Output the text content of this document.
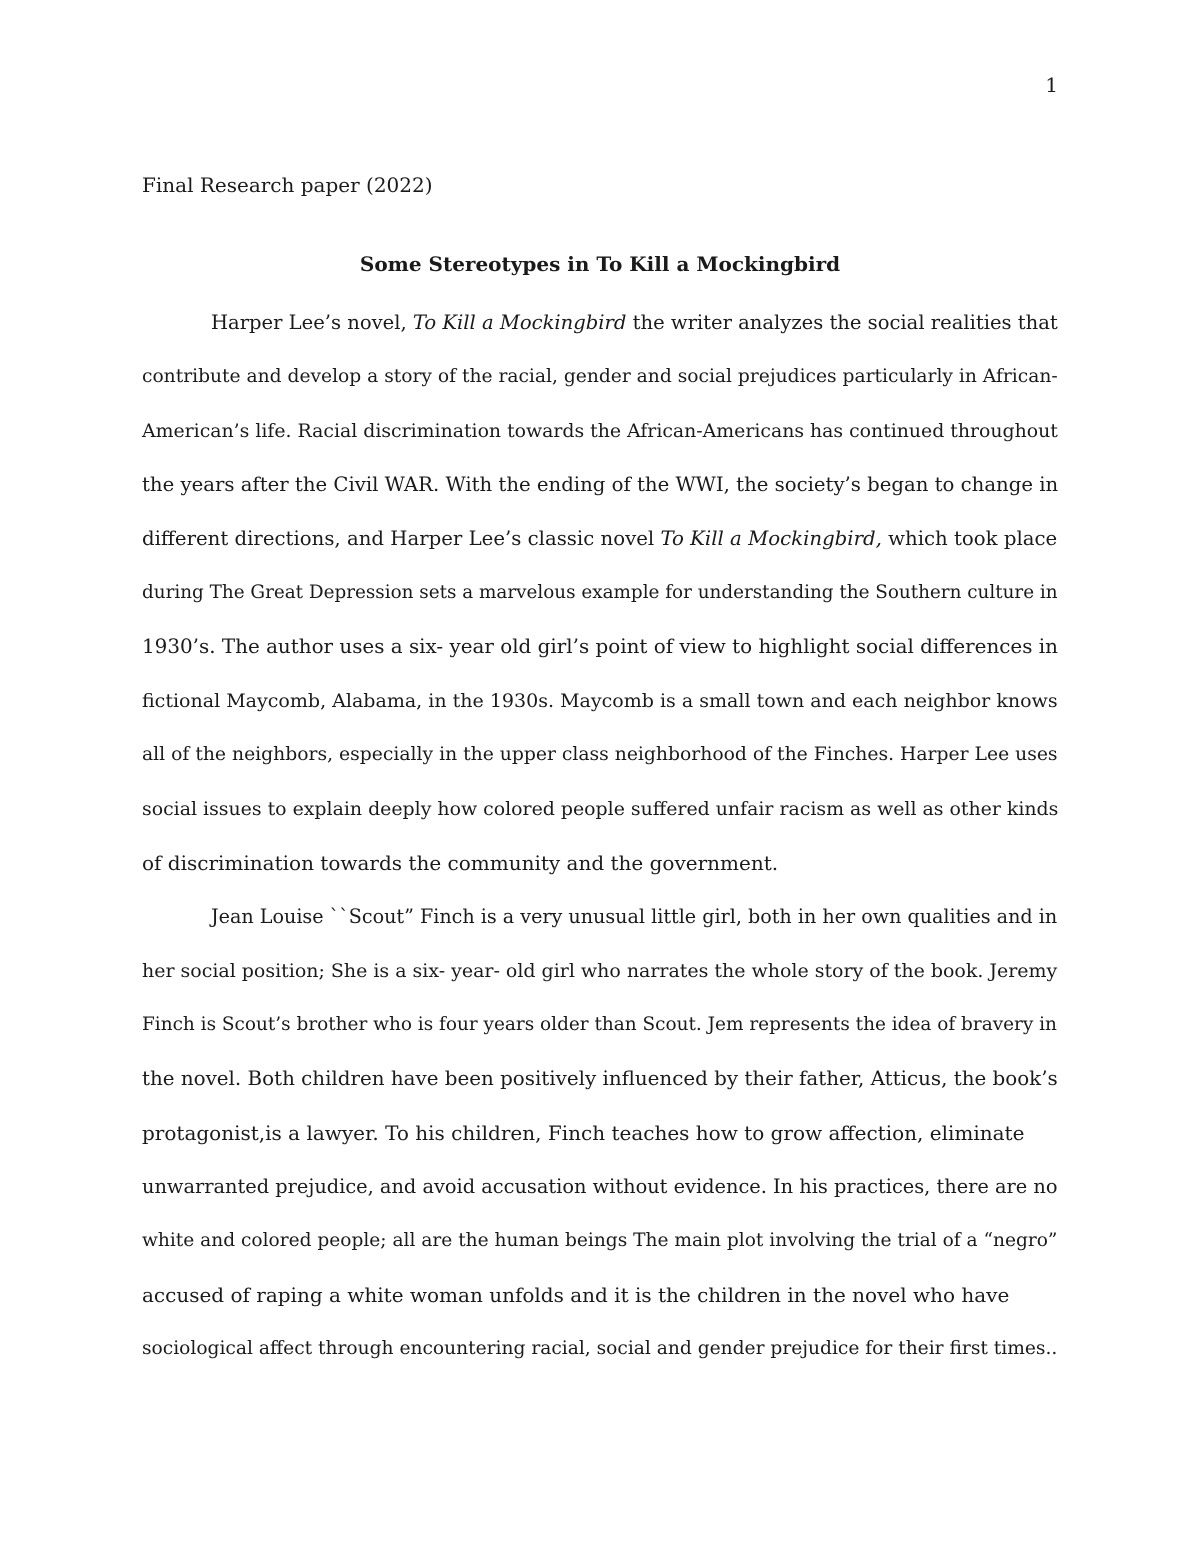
1
Final Research paper (2022)
Some Stereotypes in To Kill a Mockingbird

Harper Lee’s novel, To Kill a Mockingbird the writer analyzes the social realities that
contribute and develop a story of the racial, gender and social prejudices particularly in African-
American’s life. Racial discrimination towards the African-Americans has continued throughout
the years after the Civil WAR. With the ending of the WWI, the society’s began to change in
different directions, and Harper Lee’s classic novel To Kill a Mockingbird, which took place
during The Great Depression sets a marvelous example for understanding the Southern culture in
1930’s. The author uses a six- year old girl’s point of view to highlight social differences in
fictional Maycomb, Alabama, in the 1930s. Maycomb is a small town and each neighbor knows
all of the neighbors, especially in the upper class neighborhood of the Finches. Harper Lee uses
social issues to explain deeply how colored people suffered unfair racism as well as other kinds
of discrimination towards the community and the government.

Jean Louise ``Scout” Finch is a very unusual little girl, both in her own qualities and in
her social position; She is a six- year- old girl who narrates the whole story of the book. Jeremy
Finch is Scout’s brother who is four years older than Scout. Jem represents the idea of bravery in
the novel. Both children have been positively influenced by their father, Atticus, the book’s
protagonist,is a lawyer. To his children, Finch teaches how to grow affection, eliminate
unwarranted prejudice, and avoid accusation without evidence. In his practices, there are no
white and colored people; all are the human beings The main plot involving the trial of a “negro”
accused of raping a white woman unfolds and it is the children in the novel who have
sociological affect through encountering racial, social and gender prejudice for their first times..
